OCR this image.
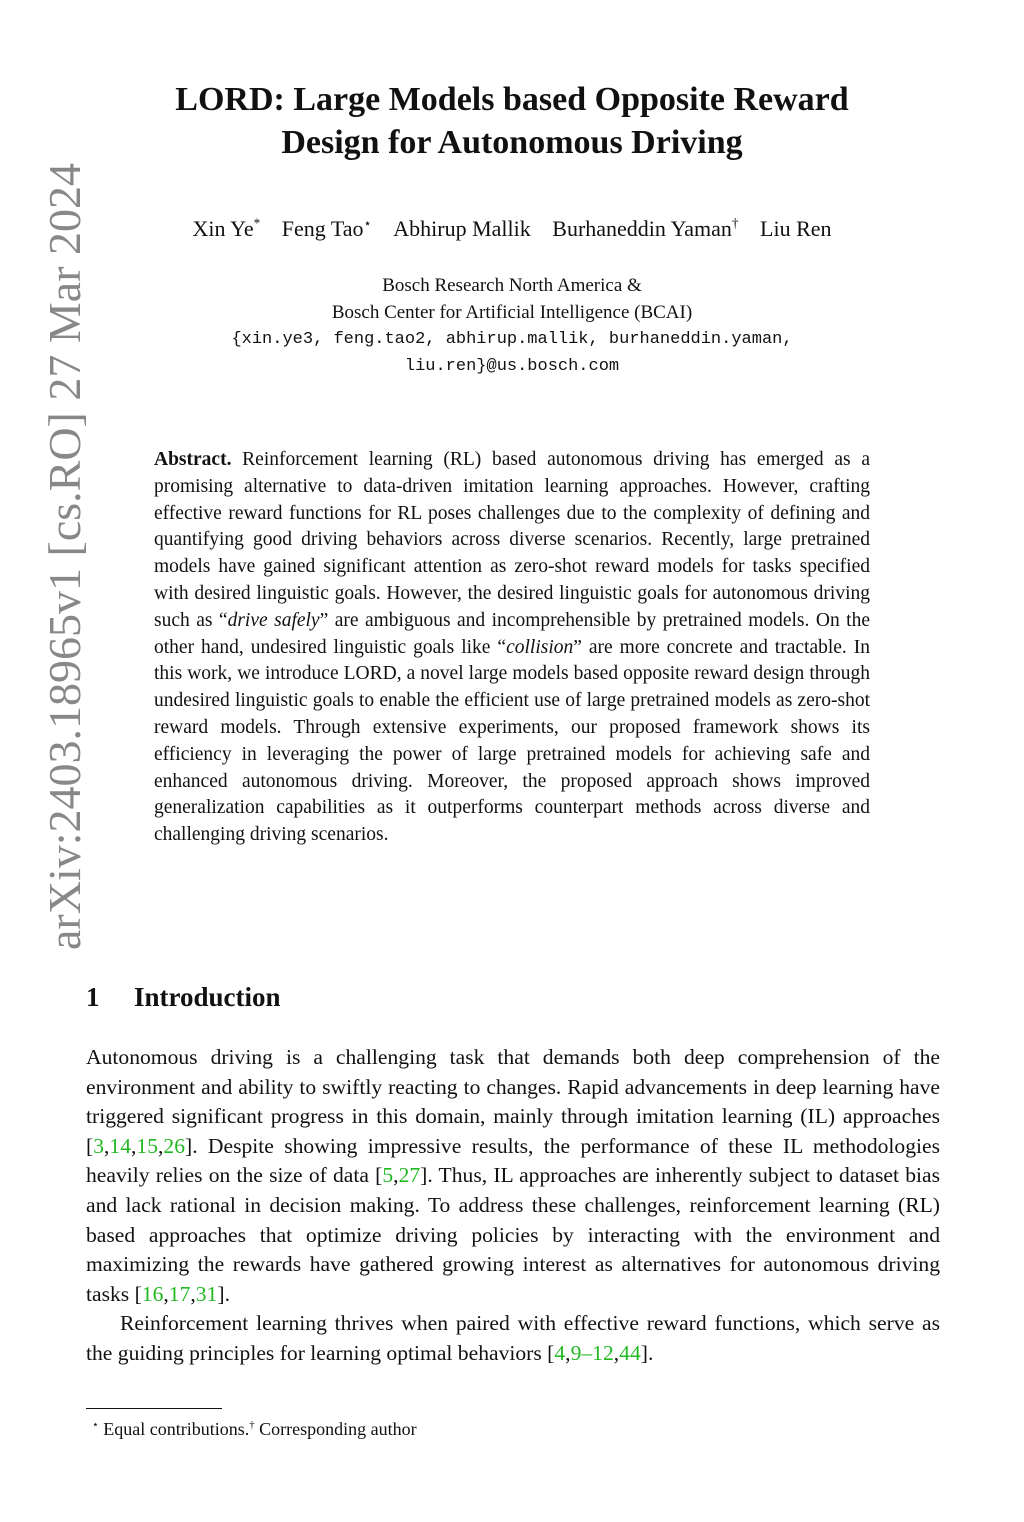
arXiv:2403.18965v1 [cs.RO] 27 Mar 2024
LORD: Large Models based Opposite Reward
Design for Autonomous Driving
Xin Ye* Feng Tao⋆ Abhirup Mallik Burhaneddin Yaman† Liu Ren
Bosch Research North America &
Bosch Center for Artificial Intelligence (BCAI)
{xin.ye3, feng.tao2, abhirup.mallik, burhaneddin.yaman,
liu.ren}@us.bosch.com
Abstract. Reinforcement learning (RL) based autonomous driving has emerged as a promising alternative to data-driven imitation learning approaches. However, crafting effective reward functions for RL poses challenges due to the complexity of defining and quantifying good driving behaviors across diverse scenarios. Recently, large pretrained models have gained significant attention as zero-shot reward models for tasks specified with desired linguistic goals. However, the desired linguistic goals for autonomous driving such as “drive safely” are ambiguous and incomprehensible by pretrained models. On the other hand, undesired linguistic goals like “collision” are more concrete and tractable. In this work, we introduce LORD, a novel large models based opposite reward design through undesired linguistic goals to enable the efficient use of large pretrained models as zero-shot reward models. Through extensive experiments, our proposed framework shows its efficiency in leveraging the power of large pretrained models for achieving safe and enhanced autonomous driving. Moreover, the proposed approach shows improved generalization capabilities as it outperforms counterpart methods across diverse and challenging driving scenarios.
1 Introduction

Autonomous driving is a challenging task that demands both deep comprehension of the environment and ability to swiftly reacting to changes. Rapid advancements in deep learning have triggered significant progress in this domain, mainly through imitation learning (IL) approaches [3,14,15,26]. Despite showing impressive results, the performance of these IL methodologies heavily relies on the size of data [5,27]. Thus, IL approaches are inherently subject to dataset bias and lack rational in decision making. To address these challenges, reinforcement learning (RL) based approaches that optimize driving policies by interacting with the environment and maximizing the rewards have gathered growing interest as alternatives for autonomous driving tasks [16,17,31].

Reinforcement learning thrives when paired with effective reward functions, which serve as the guiding principles for learning optimal behaviors [4,9–12,44].

⋆ Equal contributions.† Corresponding author
